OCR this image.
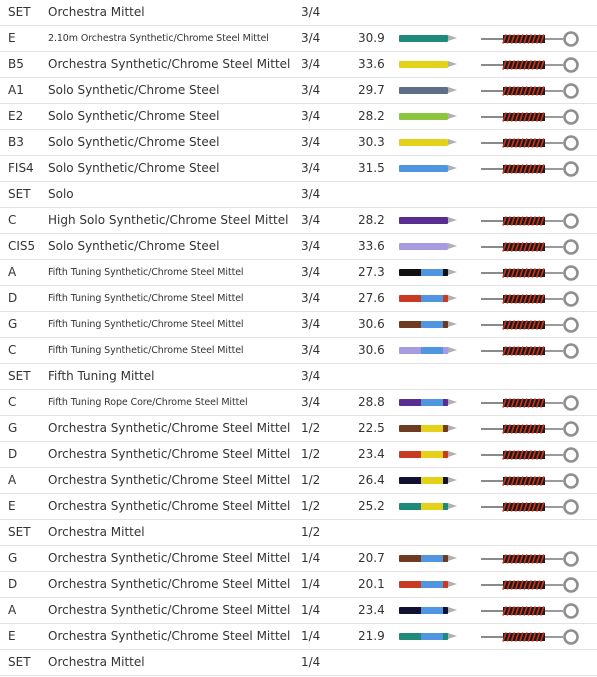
SET Orchestra Mittel	3/4
E	2.10m Orchestra Synthetic/Chrome Steel Mittel	3/4	30.9
B5 Orchestra Synthetic/Chrome Steel Mittel 3/4	33.6
A1 Solo Synthetic/Chrome Steel	3/4	29.7
E2 Solo Synthetic/Chrome Steel	3/4	28.2
B3 Solo Synthetic/Chrome Steel	3/4	30.3
FIS4 Solo Synthetic/Chrome Steel	3/4	31.5
SET Solo	3/4
C	High Solo Synthetic/Chrome Steel Mittel 3/4	28.2
CIS5 Solo Synthetic/Chrome Steel	3/4	33.6
A	Fifth Tuning Synthetic/Chrome Steel Mittel	3/4	27.3
D	Fifth Tuning Synthetic/Chrome Steel Mittel	3/4	27.6
G	Fifth Tuning Synthetic/Chrome Steel Mittel	3/4	30.6
C	Fifth Tuning Synthetic/Chrome Steel Mittel	3/4	30.6
SET Fifth Tuning Mittel	3/4
C	Fifth Tuning Rope Core/Chrome Steel Mittel	3/4	28.8
G	Orchestra Synthetic/Chrome Steel Mittel 1/2	22.5
D	Orchestra Synthetic/Chrome Steel Mittel 1/2	23.4
A	Orchestra Synthetic/Chrome Steel Mittel 1/2	26.4
E	Orchestra Synthetic/Chrome Steel Mittel 1/2	25.2
SET Orchestra Mittel	1/2
G	Orchestra Synthetic/Chrome Steel Mittel 1/4	20.7
D	Orchestra Synthetic/Chrome Steel Mittel 1/4	20.1
A	Orchestra Synthetic/Chrome Steel Mittel 1/4	23.4
E	Orchestra Synthetic/Chrome Steel Mittel 1/4	21.9
SET Orchestra Mittel	1/4
